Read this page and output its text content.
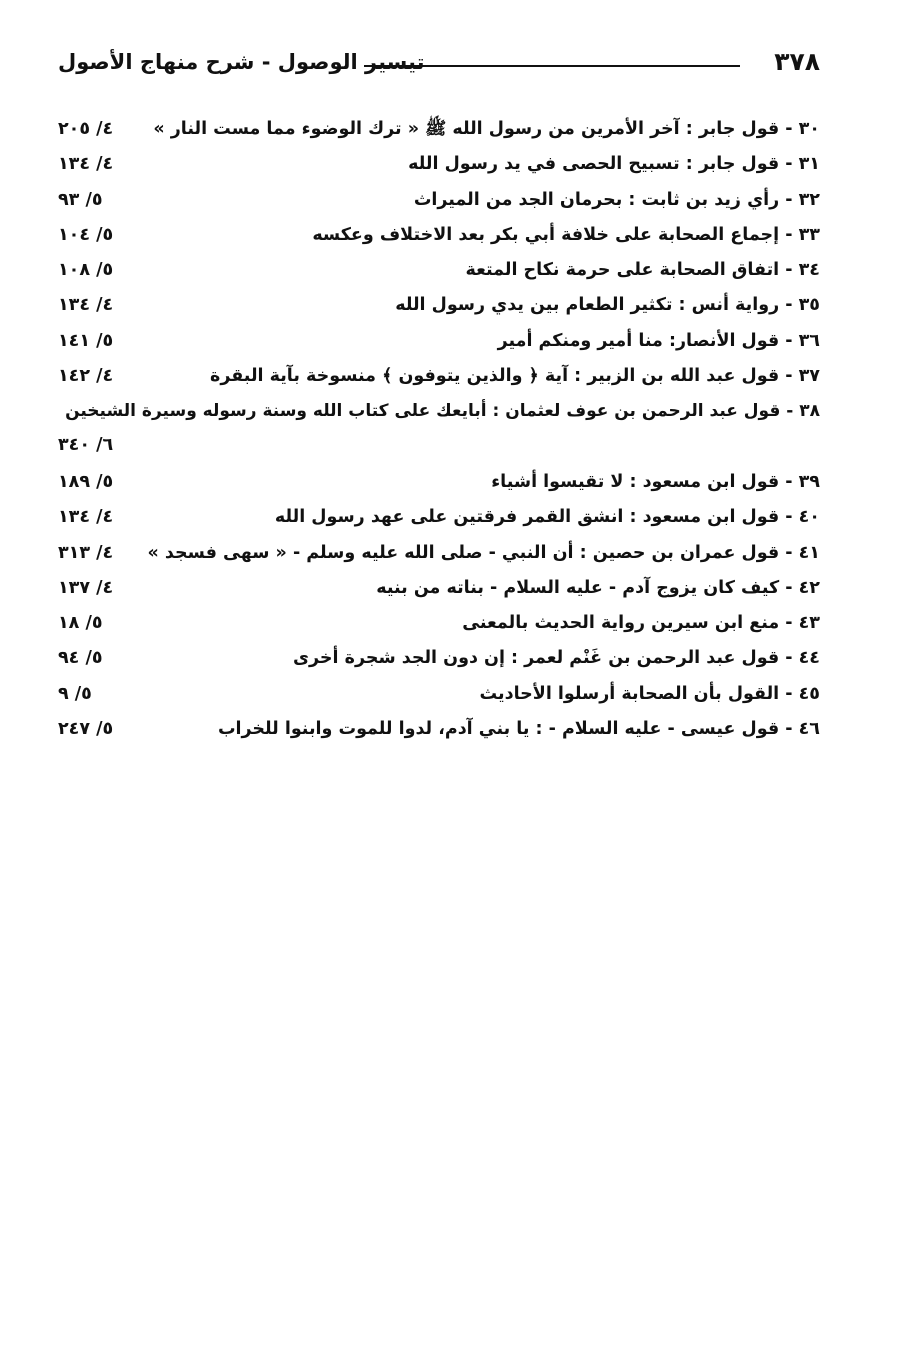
٣٧٨
تيسير الوصول - شرح منهاج الأصول
٣٠ - قول جابر : آخر الأمرين من رسول الله ﷺ « ترك الوضوء مما مست النار »
٤/ ٢٠٥
٣١ - قول جابر : تسبيح الحصى في يد رسول الله
٤/ ١٣٤
٣٢ - رأي زيد بن ثابت : بحرمان الجد من الميراث
٥/ ٩٣
٣٣ - إجماع الصحابة على خلافة أبي بكر بعد الاختلاف وعكسه
٥/ ١٠٤
٣٤ - اتفاق الصحابة على حرمة نكاح المتعة
٥/ ١٠٨
٣٥ - رواية أنس : تكثير الطعام بين يدي رسول الله
٤/ ١٣٤
٣٦ - قول الأنصار: منا أمير ومنكم أمير
٥/ ١٤١
٣٧ - قول عبد الله بن الزبير : آية ﴿ والذين يتوفون ﴾ منسوخة بآية البقرة
٤/ ١٤٢
٣٨ - قول عبد الرحمن بن عوف لعثمان : أبايعك على كتاب الله وسنة رسوله وسيرة الشيخين
٦/ ٣٤٠
٣٩ - قول ابن مسعود : لا تقيسوا أشياء
٥/ ١٨٩
٤٠ - قول ابن مسعود : انشق القمر فرقتين على عهد رسول الله
٤/ ١٣٤
٤١ - قول عمران بن حصين : أن النبي - صلى الله عليه وسلم - « سهى فسجد »
٤/ ٣١٣
٤٢ - كيف كان يزوج آدم - عليه السلام - بناته من بنيه
٤/ ١٣٧
٤٣ - منع ابن سيرين رواية الحديث بالمعنى
٥/ ١٨
٤٤ - قول عبد الرحمن بن غَنْم لعمر : إن دون الجد شجرة أخرى
٥/ ٩٤
٤٥ - القول بأن الصحابة أرسلوا الأحاديث
٥/ ٩
٤٦ - قول عيسى - عليه السلام - : يا بني آدم، لدوا للموت وابنوا للخراب
٥/ ٢٤٧
